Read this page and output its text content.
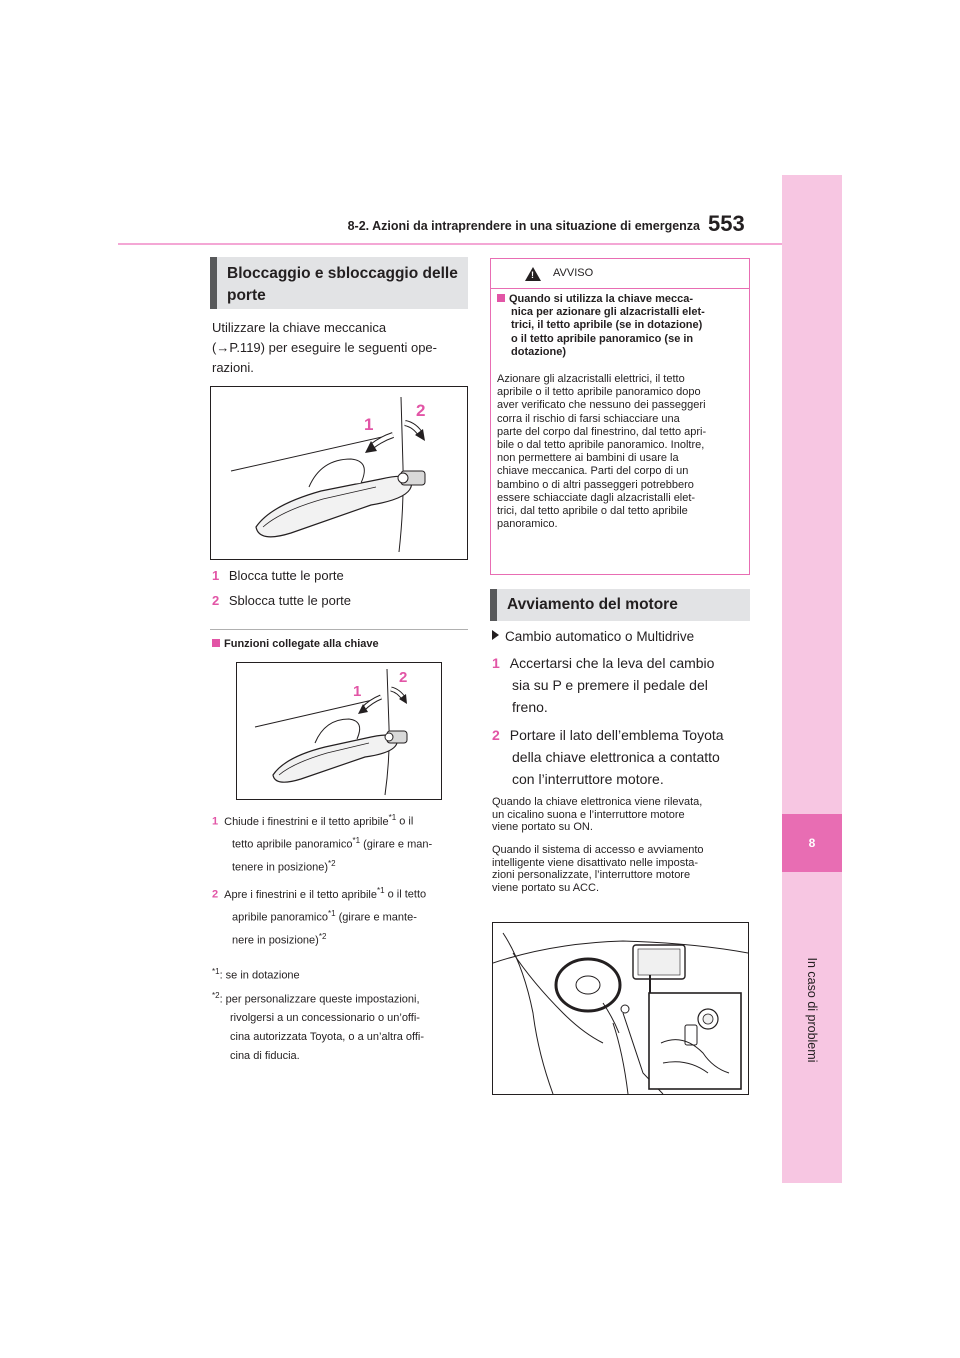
8-2. Azioni da intraprendere in una situazione di emergenza 553
8
In caso di problemi
Bloccaggio e sbloccaggio delle
porte
Utilizzare la chiave meccanica
(→P.119) per eseguire le seguenti ope-
razioni.
1
2
1 Blocca tutte le porte
2 Sblocca tutte le porte
Funzioni collegate alla chiave
1
2
1 Chiude i finestrini e il tetto apribile$^{*1}$ o il
tetto apribile panoramico$^{*1}$ (girare e man-
tenere in posizione)$^{*2}$
2 Apre i finestrini e il tetto apribile$^{*1}$ o il tetto
apribile panoramico$^{*1}$ (girare e mante-
nere in posizione)$^{*2}$
$^{*1}$: se in dotazione
$^{*2}$: per personalizzare queste impostazioni,
rivolgersi a un concessionario o un’offi-
cina autorizzata Toyota, o a un’altra offi-
cina di fiducia.
! AVVISO
Quando si utilizza la chiave mecca-
nica per azionare gli alzacristalli elet-
trici, il tetto apribile (se in dotazione)
o il tetto apribile panoramico (se in
dotazione)
Azionare gli alzacristalli elettrici, il tetto
apribile o il tetto apribile panoramico dopo
aver verificato che nessuno dei passeggeri
corra il rischio di farsi schiacciare una
parte del corpo dal finestrino, dal tetto apri-
bile o dal tetto apribile panoramico. Inoltre,
non permettere ai bambini di usare la
chiave meccanica. Parti del corpo di un
bambino o di altri passeggeri potrebbero
essere schiacciate dagli alzacristalli elet-
trici, dal tetto apribile o dal tetto apribile
panoramico.
Avviamento del motore
Cambio automatico o Multidrive
1 Accertarsi che la leva del cambio
sia su P e premere il pedale del
freno.
2 Portare il lato dell’emblema Toyota
della chiave elettronica a contatto
con l’interruttore motore.
Quando la chiave elettronica viene rilevata,
un cicalino suona e l’interruttore motore
viene portato su ON.
Quando il sistema di accesso e avviamento
intelligente viene disattivato nelle imposta-
zioni personalizzate, l’interruttore motore
viene portato su ACC.
